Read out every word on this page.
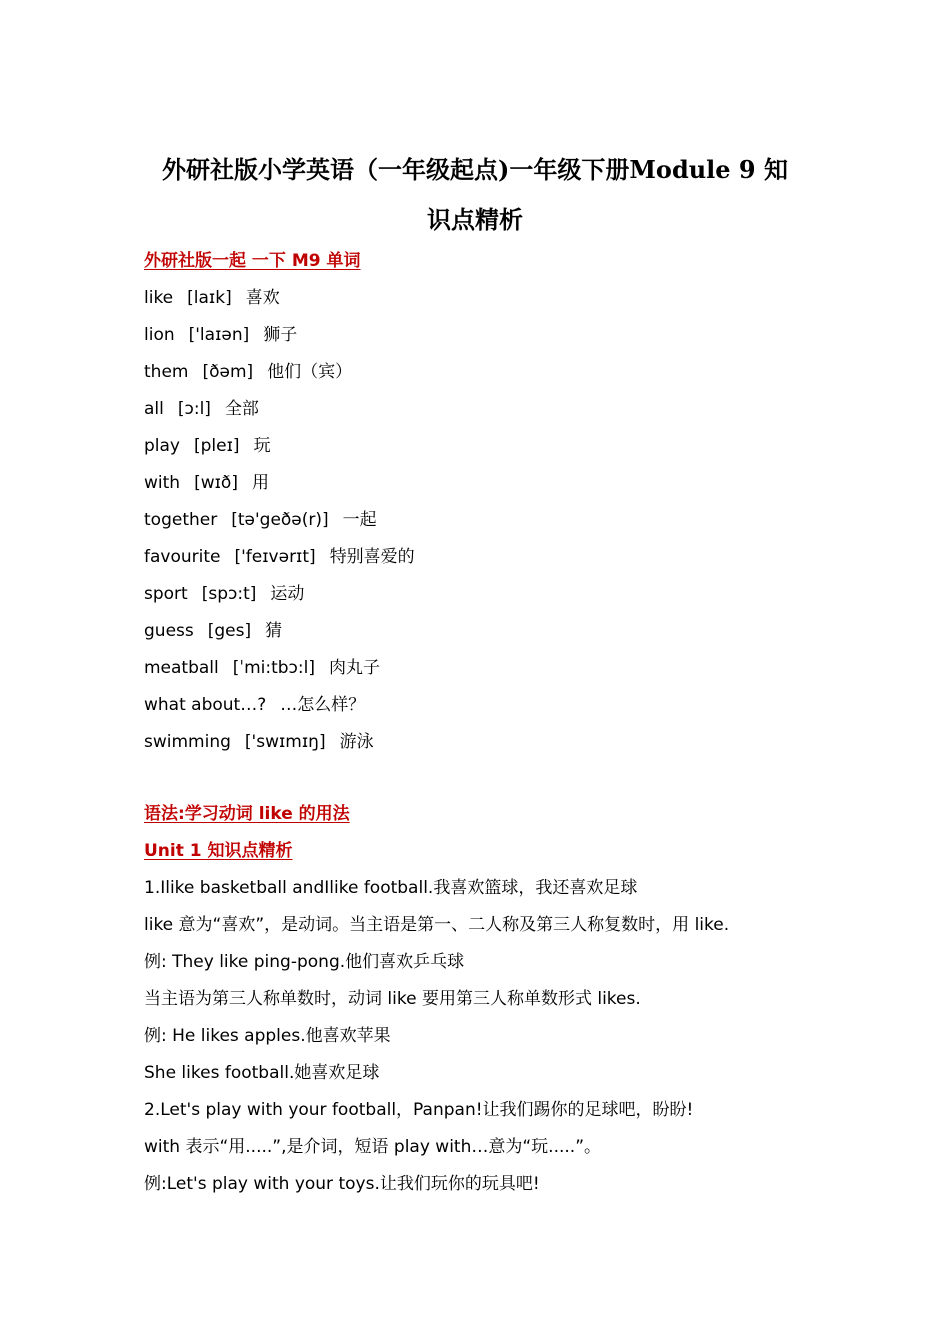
外研社版小学英语（一年级起点)一年级下册Module 9 知
识点精析
外研社版一起 一下 M9 单词
like [laɪk] 喜欢
lion ['laɪən] 狮子
them [ðəm] 他们（宾）
all [ɔ:l] 全部
play [pleɪ] 玩
with [wɪð] 用
together [tə'geðə(r)] 一起
favourite ['feɪvərɪt] 特别喜爱的
sport [spɔ:t] 运动
guess [ges] 猜
meatball [ˈmi:tbɔ:l] 肉丸子
what about…? …怎么样？
swimming ['swɪmɪŋ] 游泳
语法:学习动词 like 的用法
Unit 1 知识点精析
1.Ilike basketball andIlike football.我喜欢篮球，我还喜欢足球
like 意为“喜欢”，是动词。当主语是第一、二人称及第三人称复数时，用 like.
例: They like ping-pong.他们喜欢乒乓球
当主语为第三人称单数时，动词 like 要用第三人称单数形式 likes.
例: He likes apples.他喜欢苹果
She likes football.她喜欢足球
2.Let's play with your football，Panpan!让我们踢你的足球吧，盼盼!
with 表示“用.....”,是介词，短语 play with…意为“玩.....”。
例:Let's play with your toys.让我们玩你的玩具吧!
